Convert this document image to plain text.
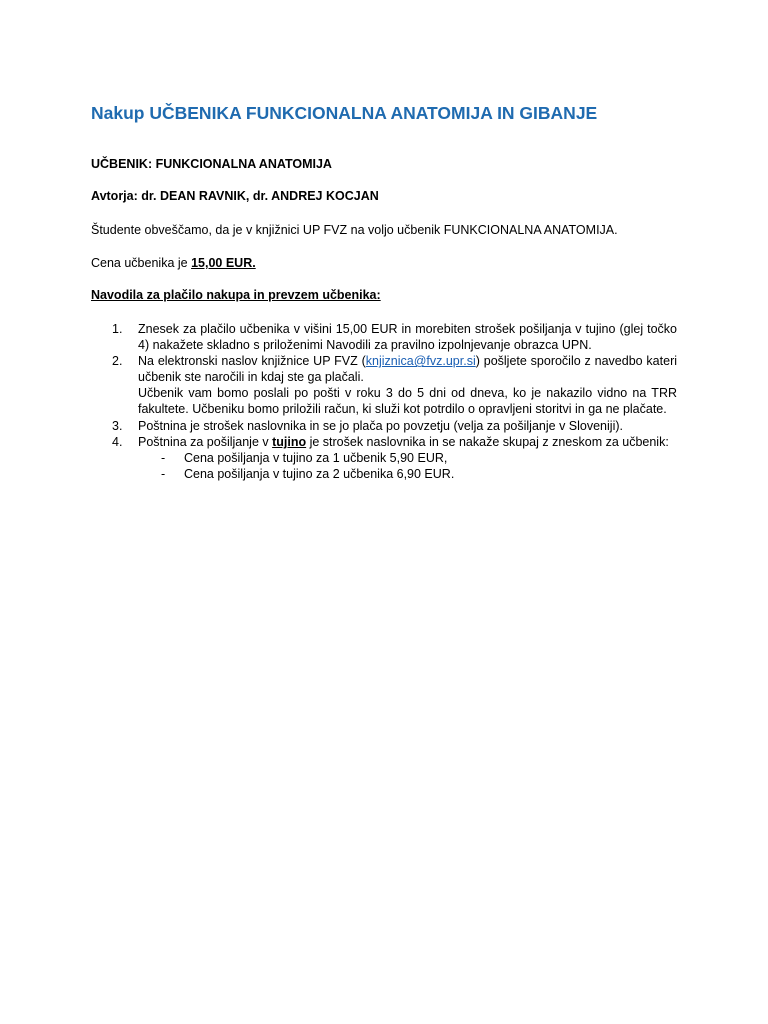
Nakup UČBENIKA FUNKCIONALNA ANATOMIJA IN GIBANJE
UČBENIK: FUNKCIONALNA ANATOMIJA
Avtorja: dr. DEAN RAVNIK, dr. ANDREJ KOCJAN
Študente obveščamo, da je v knjižnici UP FVZ na voljo učbenik FUNKCIONALNA ANATOMIJA.
Cena učbenika je 15,00 EUR.
Navodila za plačilo nakupa in prevzem učbenika:
1. Znesek za plačilo učbenika v višini 15,00 EUR in morebiten strošek pošiljanja v tujino (glej točko 4) nakažete skladno s priloženimi Navodili za pravilno izpolnjevanje obrazca UPN.
2. Na elektronski naslov knjižnice UP FVZ (knjiznica@fvz.upr.si) pošljete sporočilo z navedbo kateri učbenik ste naročili in kdaj ste ga plačali.
Učbenik vam bomo poslali po pošti v roku 3 do 5 dni od dneva, ko je nakazilo vidno na TRR fakultete. Učbeniku bomo priložili račun, ki služi kot potrdilo o opravljeni storitvi in ga ne plačate.
3. Poštnina je strošek naslovnika in se jo plača po povzetju (velja za pošiljanje v Sloveniji).
4. Poštnina za pošiljanje v tujino je strošek naslovnika in se nakaže skupaj z zneskom za učbenik:
- Cena pošiljanja v tujino za 1 učbenik 5,90 EUR,
- Cena pošiljanja v tujino za 2 učbenika 6,90 EUR.
